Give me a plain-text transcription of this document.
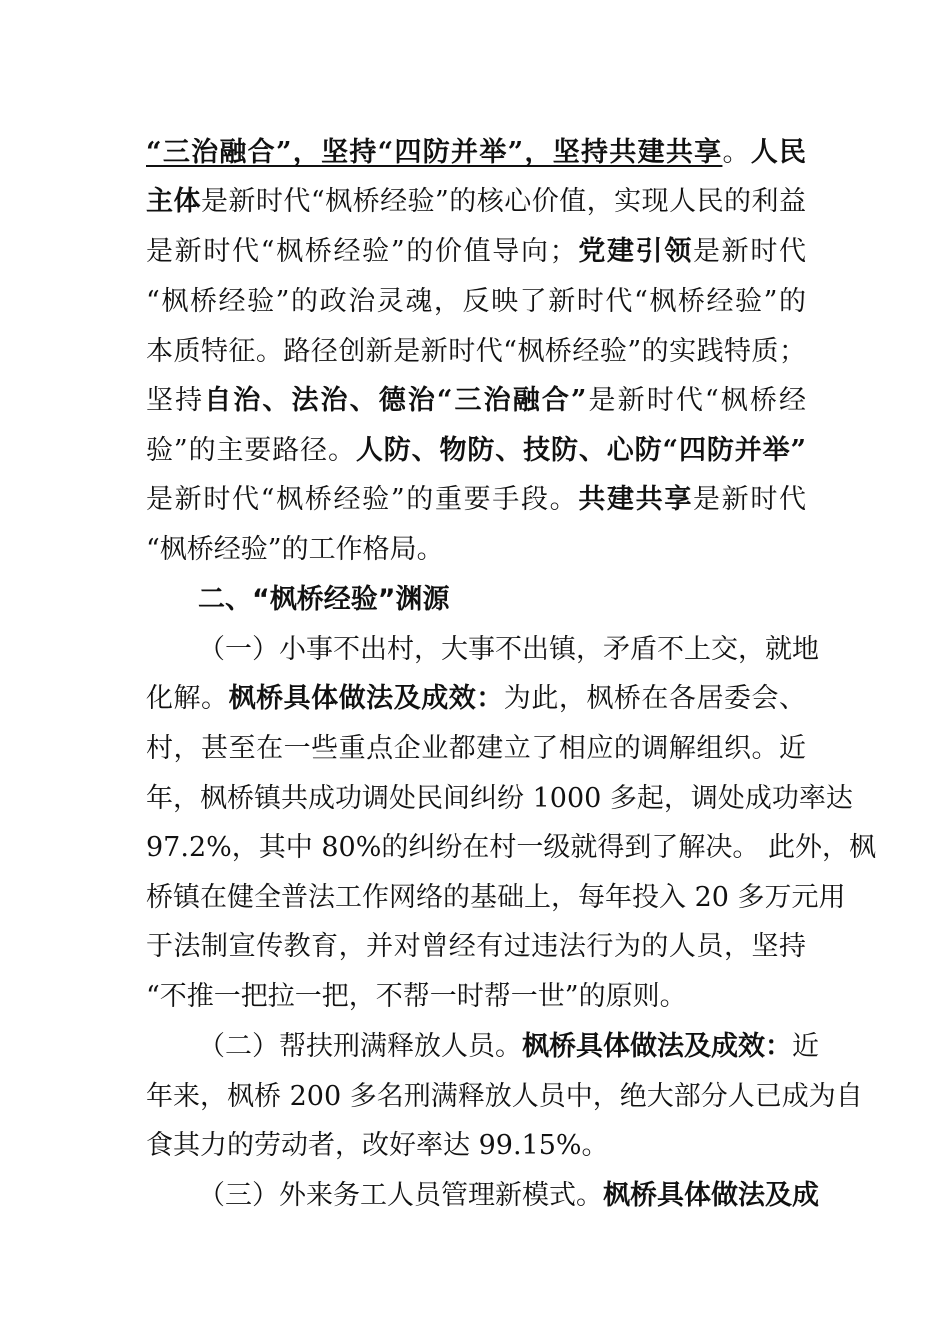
“三治融合”，坚持“四防并举”，坚持共建共享。人民
主体是新时代“枫桥经验”的核心价值，实现人民的利益
是新时代“枫桥经验”的价值导向；党建引领是新时代
“枫桥经验”的政治灵魂，反映了新时代“枫桥经验”的
本质特征。路径创新是新时代“枫桥经验”的实践特质；
坚持自治、法治、德治“三治融合”是新时代“枫桥经
验”的主要路径。人防、物防、技防、心防“四防并举”
是新时代“枫桥经验”的重要手段。共建共享是新时代
“枫桥经验”的工作格局。
二、“枫桥经验”渊源
（一）小事不出村，大事不出镇，矛盾不上交，就地
化解。枫桥具体做法及成效：为此，枫桥在各居委会、
村，甚至在一些重点企业都建立了相应的调解组织。近
年，枫桥镇共成功调处民间纠纷 1000 多起，调处成功率达
97.2%，其中 80%的纠纷在村一级就得到了解决。 此外，枫
桥镇在健全普法工作网络的基础上，每年投入 20 多万元用
于法制宣传教育，并对曾经有过违法行为的人员，坚持
“不推一把拉一把，不帮一时帮一世”的原则。
（二）帮扶刑满释放人员。枫桥具体做法及成效：近
年来，枫桥 200 多名刑满释放人员中，绝大部分人已成为自
食其力的劳动者，改好率达 99.15%。
（三）外来务工人员管理新模式。枫桥具体做法及成
